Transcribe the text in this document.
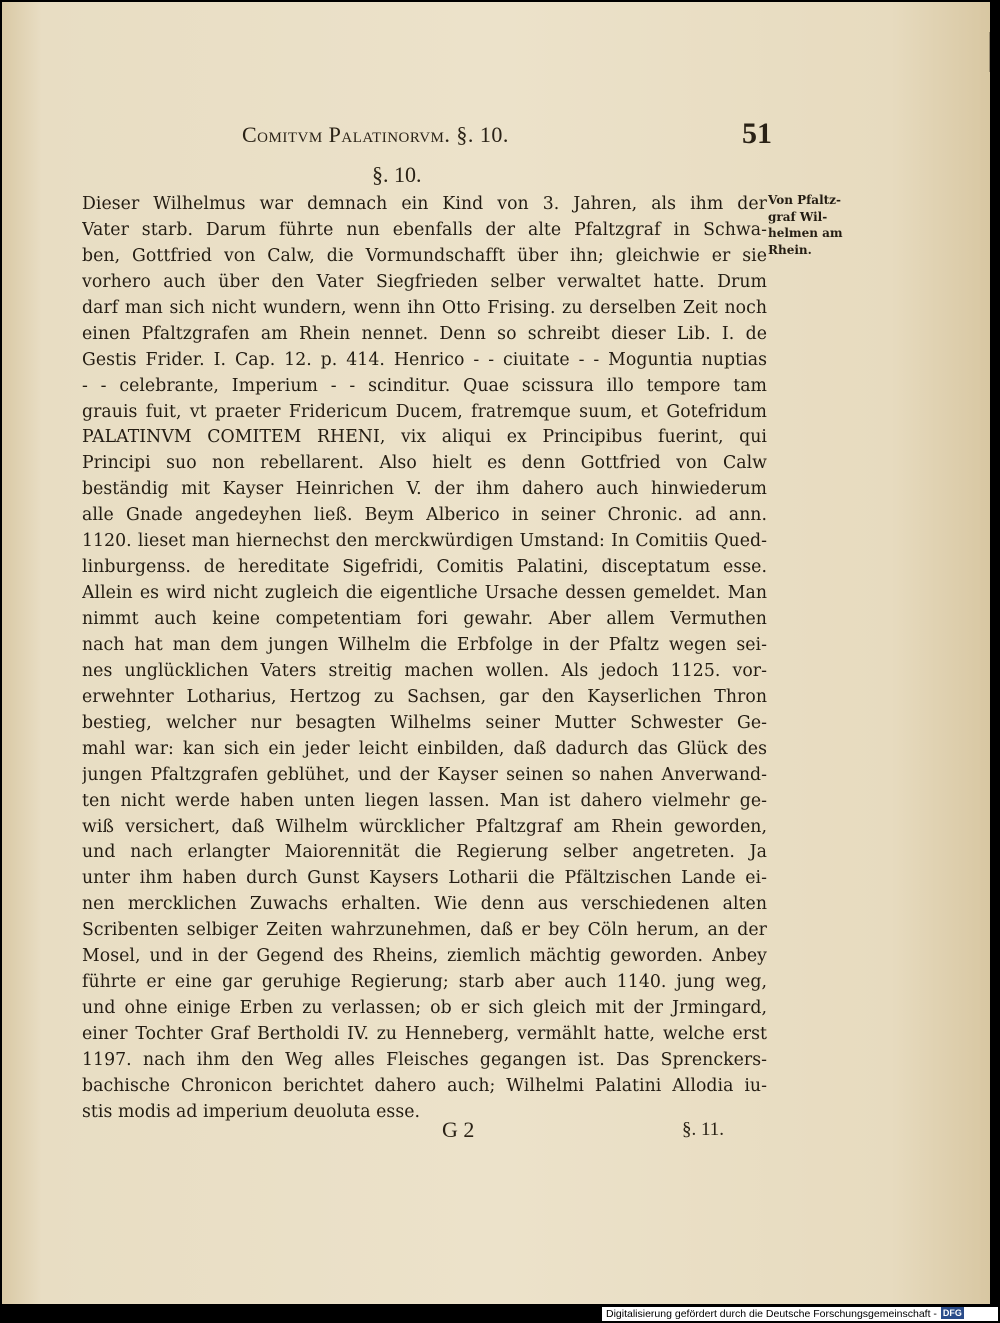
Comitvm Palatinorvm. §. 10.	51
§. 10.
Dieser Wilhelmus war demnach ein Kind von 3. Jahren, als ihm der
Vater starb. Darum führte nun ebenfalls der alte Pfaltzgraf in Schwa-
ben, Gottfried von Calw, die Vormundschafft über ihn; gleichwie er sie
vorhero auch über den Vater Siegfrieden selber verwaltet hatte. Drum
darf man sich nicht wundern, wenn ihn Otto Frising. zu derselben Zeit noch
einen Pfaltzgrafen am Rhein nennet. Denn so schreibt dieser Lib. I. de
Gestis Frider. I. Cap. 12. p. 414. Henrico - - ciuitate - - Moguntia nuptias
- - celebrante, Imperium - - scinditur. Quae scissura illo tempore tam
grauis fuit, vt praeter Fridericum Ducem, fratremque suum, et Gotefridum
PALATINVM COMITEM RHENI, vix aliqui ex Principibus fuerint, qui
Principi suo non rebellarent. Also hielt es denn Gottfried von Calw
beständig mit Kayser Heinrichen V. der ihm dahero auch hinwiederum
alle Gnade angedeyhen ließ. Beym Alberico in seiner Chronic. ad ann.
1120. lieset man hiernechst den merckwürdigen Umstand: In Comitiis Qued-
linburgenss. de hereditate Sigefridi, Comitis Palatini, disceptatum esse.
Allein es wird nicht zugleich die eigentliche Ursache dessen gemeldet. Man
nimmt auch keine competentiam fori gewahr. Aber allem Vermuthen
nach hat man dem jungen Wilhelm die Erbfolge in der Pfaltz wegen sei-
nes unglücklichen Vaters streitig machen wollen. Als jedoch 1125. vor-
erwehnter Lotharius, Hertzog zu Sachsen, gar den Kayserlichen Thron
bestieg, welcher nur besagten Wilhelms seiner Mutter Schwester Ge-
mahl war: kan sich ein jeder leicht einbilden, daß dadurch das Glück des
jungen Pfaltzgrafen geblühet, und der Kayser seinen so nahen Anverwand-
ten nicht werde haben unten liegen lassen. Man ist dahero vielmehr ge-
wiß versichert, daß Wilhelm würcklicher Pfaltzgraf am Rhein geworden,
und nach erlangter Maiorennität die Regierung selber angetreten. Ja
unter ihm haben durch Gunst Kaysers Lotharii die Pfältzischen Lande ei-
nen mercklichen Zuwachs erhalten. Wie denn aus verschiedenen alten
Scribenten selbiger Zeiten wahrzunehmen, daß er bey Cöln herum, an der
Mosel, und in der Gegend des Rheins, ziemlich mächtig geworden. Anbey
führte er eine gar geruhige Regierung; starb aber auch 1140. jung weg,
und ohne einige Erben zu verlassen; ob er sich gleich mit der Jrmingard,
einer Tochter Graf Bertholdi IV. zu Henneberg, vermählt hatte, welche erst
1197. nach ihm den Weg alles Fleisches gegangen ist. Das Sprenckers-
bachische Chronicon berichtet dahero auch; Wilhelmi Palatini Allodia iu-
stis modis ad imperium deuoluta esse.
Von Pfaltz-
graf Wil-
helmen am
Rhein.
G 2	§. 11.
Digitalisierung gefördert durch die Deutsche Forschungsgemeinschaft - DFG
